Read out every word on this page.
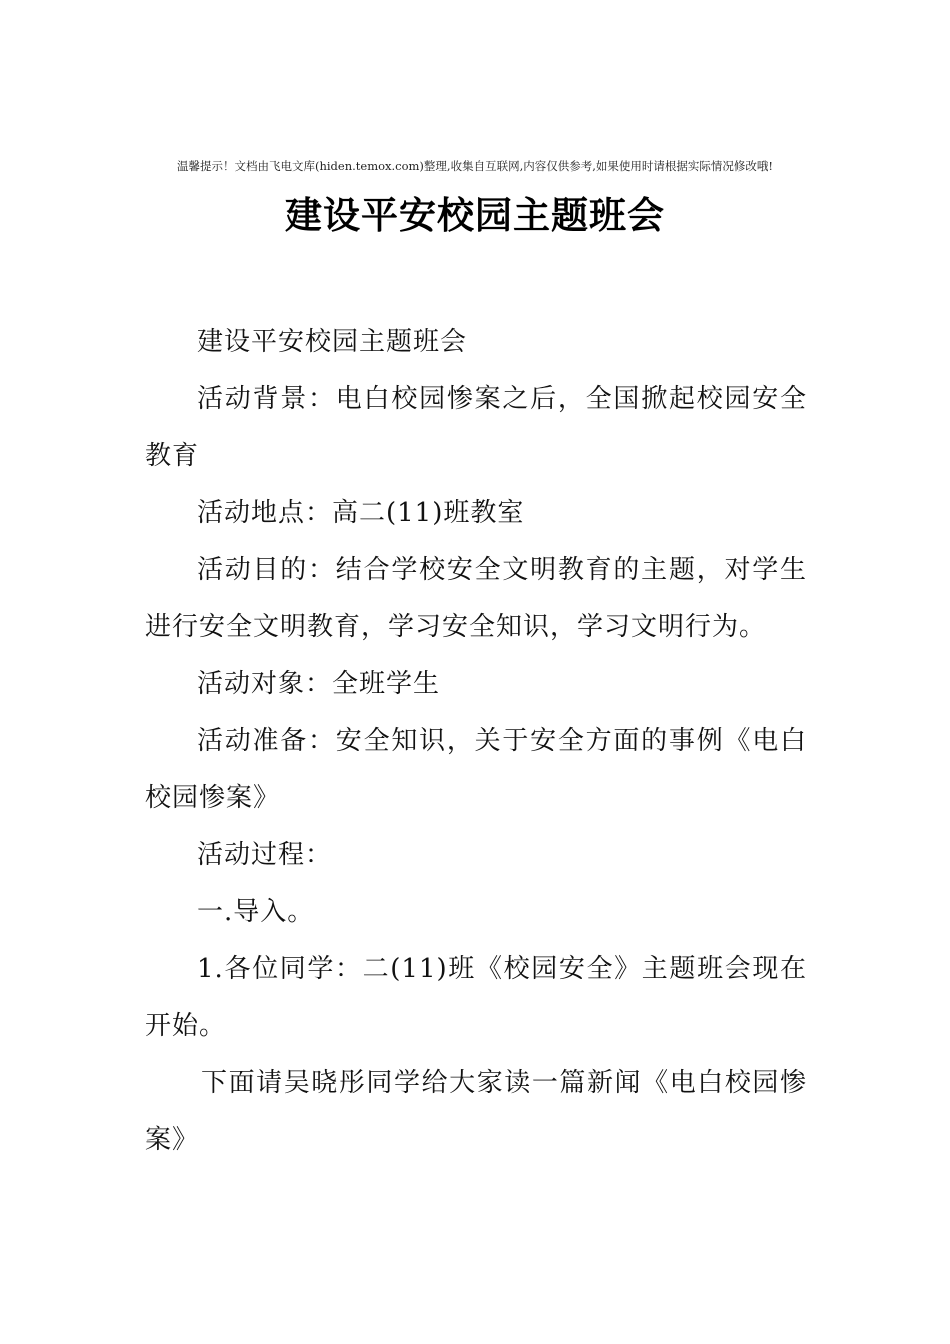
温馨提示！文档由飞电文库(hiden.temox.com)整理,收集自互联网,内容仅供参考,如果使用时请根据实际情况修改哦!
建设平安校园主题班会

建设平安校园主题班会

活动背景：电白校园惨案之后，全国掀起校园安全教育

活动地点：高二(11)班教室

活动目的：结合学校安全文明教育的主题，对学生进行安全文明教育，学习安全知识，学习文明行为。

活动对象：全班学生

活动准备：安全知识，关于安全方面的事例《电白校园惨案》

活动过程：

一.导入。

1.各位同学：二(11)班《校园安全》主题班会现在开始。

下面请吴晓彤同学给大家读一篇新闻《电白校园惨案》
